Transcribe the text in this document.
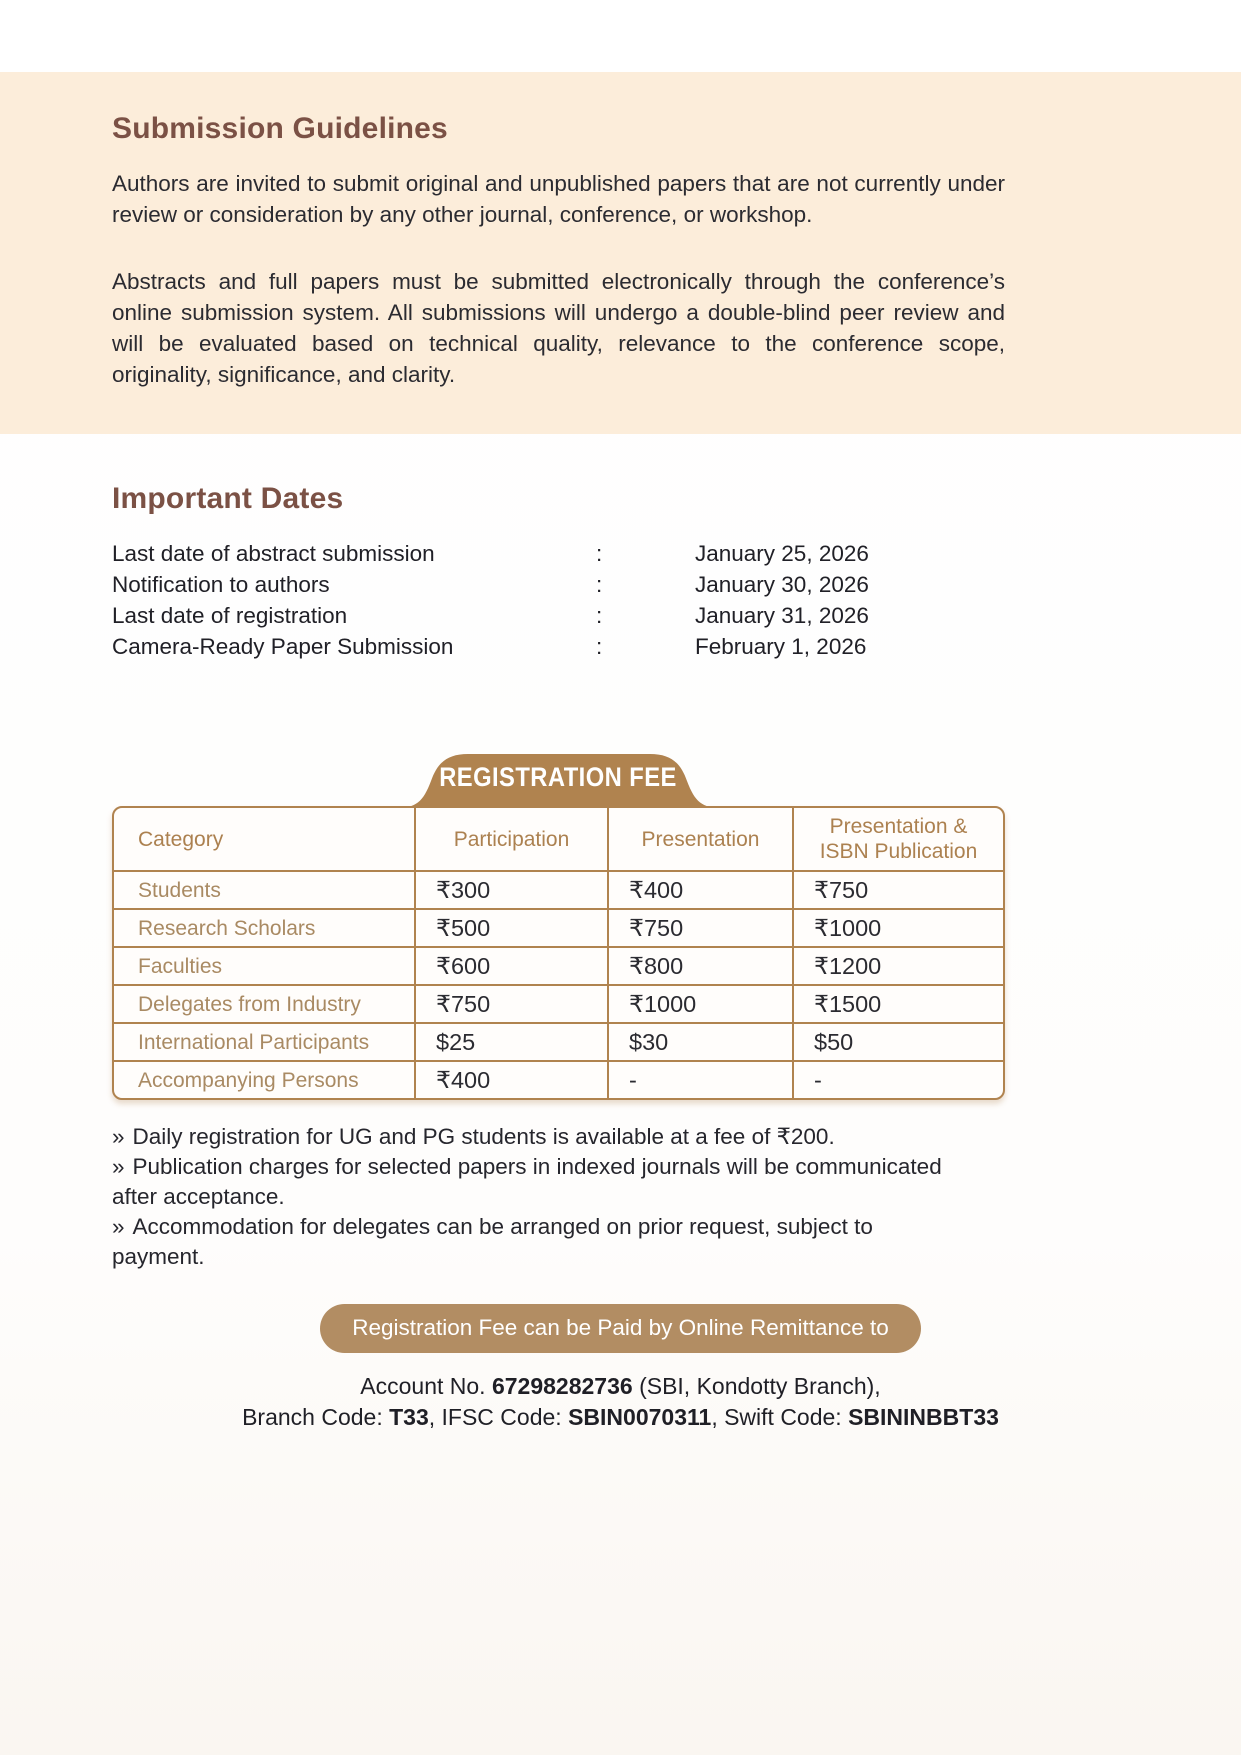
Submission Guidelines

Authors are invited to submit original and unpublished papers that are not currently under review or consideration by any other journal, conference, or workshop.

Abstracts and full papers must be submitted electronically through the conference’s online submission system. All submissions will undergo a double-blind peer review and will be evaluated based on technical quality, relevance to the conference scope, originality, significance, and clarity.

Important Dates
Last date of abstract submission	:	January 25, 2026
Notification to authors	:	January 30, 2026
Last date of registration	:	January 31, 2026
Camera-Ready Paper Submission	:	February 1, 2026
REGISTRATION FEE
Category	Participation	Presentation	Presentation & ISBN Publication
Students	₹300	₹400	₹750
Research Scholars	₹500	₹750	₹1000
Faculties	₹600	₹800	₹1200
Delegates from Industry	₹750	₹1000	₹1500
International Participants	$25	$30	$50
Accompanying Persons	₹400	-	-
» Daily registration for UG and PG students is available at a fee of ₹200.
» Publication charges for selected papers in indexed journals will be communicated after acceptance.
» Accommodation for delegates can be arranged on prior request, subject to payment.
Registration Fee can be Paid by Online Remittance to
Account No. 67298282736 (SBI, Kondotty Branch),
Branch Code: T33, IFSC Code: SBIN0070311, Swift Code: SBININBBT33
